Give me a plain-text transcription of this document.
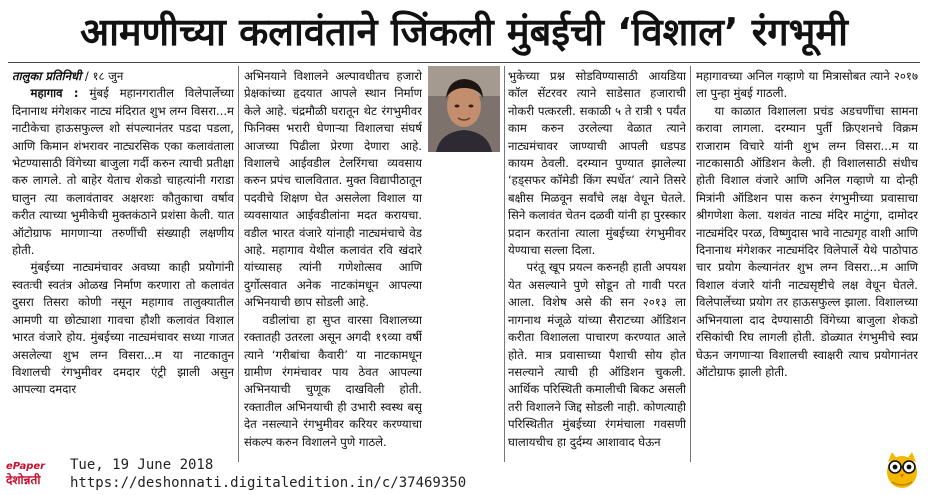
आमणीच्या कलावंताने जिंकली मुंबईची ‘विशाल’ रंगभूमी

तालुका प्रतिनिधी / १८ जुन

महागाव : मुंबई महानगरातील विलेपार्लेच्या दिनानाथ मंगेशकर नाट्य मंदिरात शुभ लग्न विसरा...म नाटीकेचा हाऊसफुल्ल शो संपल्यानंतर पडदा पडला, आणि किमान शंभरावर नाट्यरसिक एका कलावंताला भेटण्यासाठी विंगेच्या बाजुला गर्दी करुन त्याची प्रतीक्षा करु लागले. तो बाहेर येताच शेकडो चाहत्यांनी गराडा घालुन त्या कलावंतावर अक्षरशः कौतुकाचा वर्षाव करीत त्याच्या भुमीकेची मुक्तकंठाने प्रशंसा केली. यात ऑटोग्राफ मागणाऱ्या तरुणींची संख्याही लक्षणीय होती.

मुंबईच्या नाट्यमंचावर अवघ्या काही प्रयोगांनी स्वतःची स्वतंत्र ओळख निर्माण करणारा तो कलावंत दुसरा तिसरा कोणी नसून महागाव तालुक्यातील आमणी या छोट्याशा गावचा हौशी कलावंत विशाल भारत वंजारे होय. मुंबईच्या नाट्यमंचावर सध्या गाजत असलेल्या शुभ लग्न विसरा...म या नाटकातुन विशालची रंगभुमीवर दमदार एंट्री झाली असुन आपल्या दमदार

अभिनयाने विशालने अल्पावधीतच हजारो प्रेक्षकांच्या हृदयात आपले स्थान निर्माण केले आहे. चंद्रमौळी घरातून थेट रंगभुमीवर फिनिक्स भरारी घेणाऱ्या विशालचा संघर्ष आजच्या पिढीला प्रेरणा देणारा आहे. विशालचे आईवडील टेलरिंगचा व्यवसाय करुन प्रपंच चालवितात. मुक्त विद्यापीठातून पदवीचे शिक्षण घेत असलेला विशाल या व्यवसायात आईवडीलांना मदत करायचा. वडील भारत वंजारे यांनाही नाट्यमंचाचे वेड आहे. महागाव येथील कलावंत रवि खंदारे यांच्यासह त्यांनी गणेशोत्सव आणि दुर्गोत्सवात अनेक नाटकांमधून आपल्या अभिनयाची छाप सोडली आहे.

वडीलांचा हा सुप्त वारसा विशालच्या रक्तातही उतरला असून अगदी १९व्या वर्षी त्याने ‘गरीबांचा कैवारी’ या नाटकामधून ग्रामीण रंगमंचावर पाय ठेवत आपल्या अभिनयाची चुणूक दाखविली होती. रक्तातील अभिनयाची ही उभारी स्वस्थ बसू देत नसल्याने रंगभुमीवर करियर करण्याचा संकल्प करुन विशालने पुणे गाठले.

भुकेच्या प्रश्न सोडविण्यासाठी आयडिया कॉल सेंटरवर त्याने साडेसात हजाराची नोकरी पत्करली. सकाळी ५ ते रात्री ९ पर्यंत काम करुन उरलेल्या वेळात त्याने नाट्यमंचावर जाण्याची आपली धडपड कायम ठेवली. दरम्यान पुण्यात झालेल्या ‘हड्सफर कॉमेडी किंग स्पर्धेत’ त्याने तिसरे बक्षीस मिळवून सर्वांचे लक्ष वेधून घेतले. सिने कलावंत चेतन दळवी यांनी हा पुरस्कार प्रदान करतांना त्याला मुंबईच्या रंगभुमीवर येण्याचा सल्ला दिला.

परंतू खूप प्रयत्न करुनही हाती अपयश येत असल्याने पुणे सोडून तो गावी परत आला. विशेष असे की सन २०१३ ला नागनाथ मंजूळे यांच्या सैराटच्या ऑडिशन करीता विशालला पाचारण करण्यात आले होते. मात्र प्रवासाच्या पैशाची सोय होत नसल्याने त्याची ही ऑडिशन चुकली. आर्थिक परिस्थिती कमालीची बिकट असली तरी विशालने जिद्द सोडली नाही. कोणत्याही परिस्थितीत मुंबईच्या रंगमंचाला गवसणी घालायचीच हा दुर्दम्य आशावाद घेऊन

महागावच्या अनिल गव्हाणे या मित्रासोबत त्याने २०१७ ला पुन्हा मुंबई गाठली.

या काळात विशालला प्रचंड अडचणींचा सामना करावा लागला. दरम्यान पुर्ती क्रिएशनचे विक्रम राजाराम विचारे यांनी शुभ लग्न विसरा...म या नाटकासाठी ऑडिशन केली. ही विशालसाठी संधीच होती विशाल वंजारे आणि अनिल गव्हाणे या दोन्ही मित्रांनी ऑडिशन पास करुन रंगभुमीच्या प्रवासाचा श्रीगणेशा केला. यशवंत नाट्य मंदिर माटुंगा, दामोदर नाट्यमंदिर परळ, विष्णुदास भावे नाट्यगृह वाशी आणि दिनानाथ मंगेशकर नाट्यमंदिर विलेपार्ले येथे पाठोपाठ चार प्रयोग केल्यानंतर शुभ लग्न विसरा...म आणि विशाल वंजारे यांनी नाट्यसृष्टीचे लक्ष वेधून घेतले. विलेपार्लेच्या प्रयोग तर हाऊसफुल्ल झाला. विशालच्या अभिनयाला दाद देण्यासाठी विंगेच्या बाजुला शेकडो रसिकांची रिघ लागली होती. डोळ्यात रंगभुमीचे स्वप्न घेऊन जगणाऱ्या विशालची स्वाक्षरी त्याच प्रयोगानंतर ऑटोग्राफ झाली होती.

ePaper
देशोन्नती
Tue, 19 June 2018
https://deshonnati.digitaledition.in/c/37469350
